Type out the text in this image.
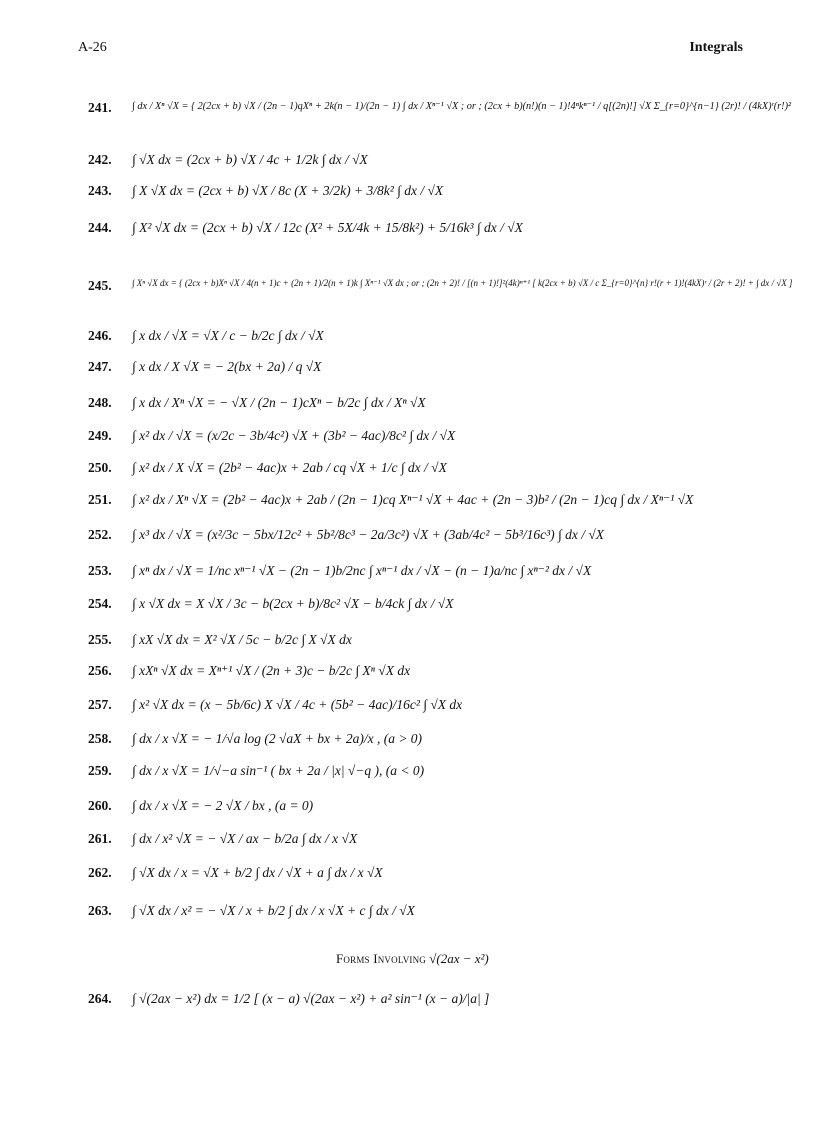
A-26	Integrals
241. ∫ dx / Xⁿ √X = { 2(2cx + b) √X / (2n − 1)qXⁿ + 2k(n − 1)/(2n − 1) ∫ dx / Xⁿ⁻¹ √X ; or ; (2cx + b)(n!)(n − 1)!4ⁿkⁿ⁻¹ / q[(2n)!] √X Σ_{r=0}^{n−1} (2r)! / (4kX)ʳ(r!)²
242. ∫ √X dx = (2cx + b) √X / 4c + 1/2k ∫ dx / √X
243. ∫ X √X dx = (2cx + b) √X / 8c (X + 3/2k) + 3/8k² ∫ dx / √X
244. ∫ X² √X dx = (2cx + b) √X / 12c (X² + 5X/4k + 15/8k²) + 5/16k³ ∫ dx / √X
245. ∫ Xⁿ √X dx = { (2cx + b)Xⁿ √X / 4(n + 1)c + (2n + 1)/2(n + 1)k ∫ Xⁿ⁻¹ √X dx ; or ; (2n + 2)! / [(n + 1)!]²(4k)ⁿ⁺¹ [ k(2cx + b) √X / c Σ_{r=0}^{n} r!(r + 1)!(4kX)ʳ / (2r + 2)! + ∫ dx / √X ]
246. ∫ x dx / √X = √X / c − b/2c ∫ dx / √X
247. ∫ x dx / X √X = − 2(bx + 2a) / q √X
248. ∫ x dx / Xⁿ √X = − √X / (2n − 1)cXⁿ − b/2c ∫ dx / Xⁿ √X
249. ∫ x² dx / √X = (x/2c − 3b/4c²) √X + (3b² − 4ac)/8c² ∫ dx / √X
250. ∫ x² dx / X √X = (2b² − 4ac)x + 2ab / cq √X + 1/c ∫ dx / √X
251. ∫ x² dx / Xⁿ √X = (2b² − 4ac)x + 2ab / (2n − 1)cq Xⁿ⁻¹ √X + 4ac + (2n − 3)b² / (2n − 1)cq ∫ dx / Xⁿ⁻¹ √X
252. ∫ x³ dx / √X = (x²/3c − 5bx/12c² + 5b²/8c³ − 2a/3c²) √X + (3ab/4c² − 5b³/16c³) ∫ dx / √X
253. ∫ xⁿ dx / √X = 1/nc xⁿ⁻¹ √X − (2n − 1)b/2nc ∫ xⁿ⁻¹ dx / √X − (n − 1)a/nc ∫ xⁿ⁻² dx / √X
254. ∫ x √X dx = X √X / 3c − b(2cx + b)/8c² √X − b/4ck ∫ dx / √X
255. ∫ xX √X dx = X² √X / 5c − b/2c ∫ X √X dx
256. ∫ xXⁿ √X dx = Xⁿ⁺¹ √X / (2n + 3)c − b/2c ∫ Xⁿ √X dx
257. ∫ x² √X dx = (x − 5b/6c) X √X / 4c + (5b² − 4ac)/16c² ∫ √X dx
258. ∫ dx / x √X = − 1/√a log (2 √aX + bx + 2a)/x , (a > 0)
259. ∫ dx / x √X = 1/√−a sin⁻¹ ( bx + 2a / |x| √−q ), (a < 0)
260. ∫ dx / x √X = − 2 √X / bx , (a = 0)
261. ∫ dx / x² √X = − √X / ax − b/2a ∫ dx / x √X
262. ∫ √X dx / x = √X + b/2 ∫ dx / √X + a ∫ dx / x √X
263. ∫ √X dx / x² = − √X / x + b/2 ∫ dx / x √X + c ∫ dx / √X
Forms Involving √(2ax − x²)
264. ∫ √(2ax − x²) dx = 1/2 [ (x − a) √(2ax − x²) + a² sin⁻¹ (x − a)/|a| ]
